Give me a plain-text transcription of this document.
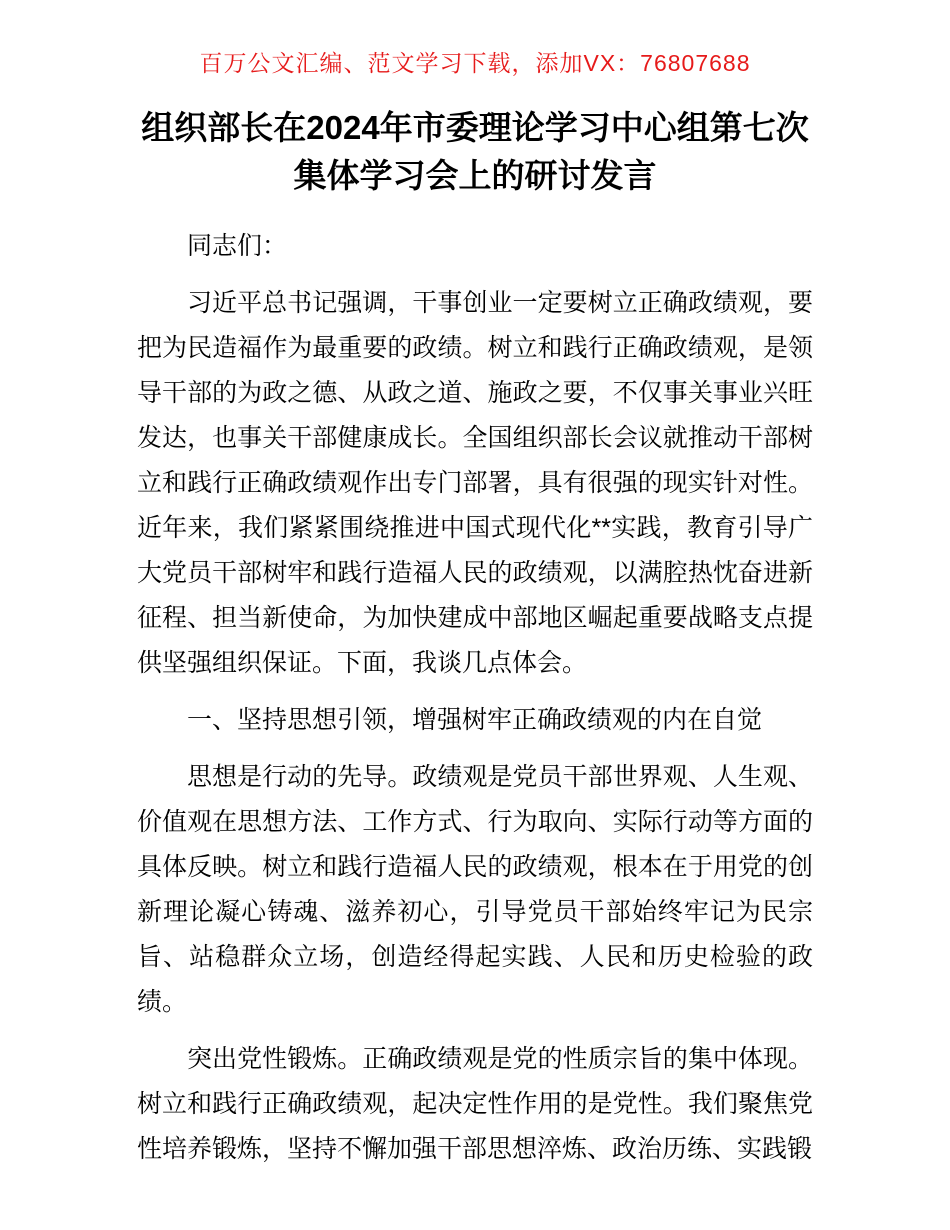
百万公文汇编、范文学习下载，添加VX：76807688
组织部长在2024年市委理论学习中心组第七次
集体学习会上的研讨发言

同志们：

习近平总书记强调，干事创业一定要树立正确政绩观，要把为民造福作为最重要的政绩。树立和践行正确政绩观，是领导干部的为政之德、从政之道、施政之要，不仅事关事业兴旺发达，也事关干部健康成长。全国组织部长会议就推动干部树立和践行正确政绩观作出专门部署，具有很强的现实针对性。近年来，我们紧紧围绕推进中国式现代化**实践，教育引导广大党员干部树牢和践行造福人民的政绩观，以满腔热忱奋进新征程、担当新使命，为加快建成中部地区崛起重要战略支点提供坚强组织保证。下面，我谈几点体会。

一、坚持思想引领，增强树牢正确政绩观的内在自觉

思想是行动的先导。政绩观是党员干部世界观、人生观、价值观在思想方法、工作方式、行为取向、实际行动等方面的具体反映。树立和践行造福人民的政绩观，根本在于用党的创新理论凝心铸魂、滋养初心，引导党员干部始终牢记为民宗旨、站稳群众立场，创造经得起实践、人民和历史检验的政绩。

突出党性锻炼。正确政绩观是党的性质宗旨的集中体现。树立和践行正确政绩观，起决定性作用的是党性。我们聚焦党性培养锻炼，坚持不懈加强干部思想淬炼、政治历练、实践锻
